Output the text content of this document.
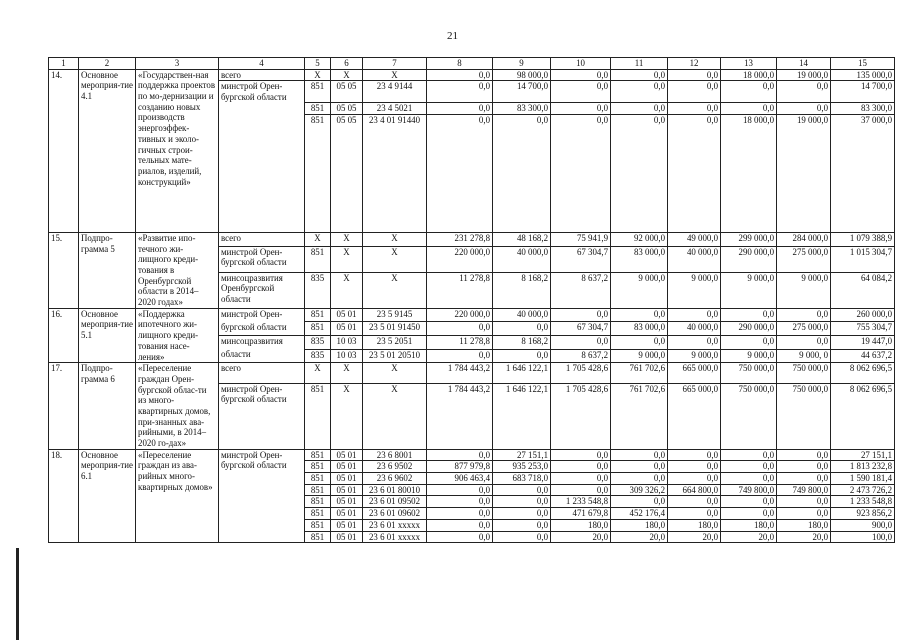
21
1	2	3	4	5	6	7	8	9	10	11	12	13	14	15
14.	Основное мероприя-тие 4.1	«Государствен-ная поддержка проектов по мо-дернизации и созданию новых производств энергоэффек-тивных и эколо-гичных строи-тельных мате-риалов, изделий, конструкций»	всего	X	X	X	0,0	98 000,0	0,0	0,0	0,0	18 000,0	19 000,0	135 000,0
			минстрой Орен-бургской области	851	05 05	23 4 9144	0,0	14 700,0	0,0	0,0	0,0	0,0	0,0	14 700,0
				851	05 05	23 4 5021	0,0	83 300,0	0,0	0,0	0,0	0,0	0,0	83 300,0
				851	05 05	23 4 01 91440	0,0	0,0	0,0	0,0	0,0	18 000,0	19 000,0	37 000,0
15.	Подпро-грамма 5	«Развитие ипо-течного жи-лищного креди-тования в Оренбургской области в 2014–2020 годах»	всего	X	X	X	231 278,8	48 168,2	75 941,9	92 000,0	49 000,0	299 000,0	284 000,0	1 079 388,9
			минстрой Орен-бургской области	851	X	X	220 000,0	40 000,0	67 304,7	83 000,0	40 000,0	290 000,0	275 000,0	1 015 304,7
			минсоцразвития Оренбургской области	835	X	X	11 278,8	8 168,2	8 637,2	9 000,0	9 000,0	9 000,0	9 000,0	64 084,2
16.	Основное мероприя-тие 5.1	«Поддержка ипотечного жи-лищного креди-тования насе-ления»	минстрой Орен-	851	05 01	23 5 9145	220 000,0	40 000,0	0,0	0,0	0,0	0,0	0,0	260 000,0
			бургской области	851	05 01	23 5 01 91450	0,0	0,0	67 304,7	83 000,0	40 000,0	290 000,0	275 000,0	755 304,7
			минсоцразвития	835	10 03	23 5 2051	11 278,8	8 168,2	0,0	0,0	0,0	0,0	0,0	19 447,0
			области	835	10 03	23 5 01 20510	0,0	0,0	8 637,2	9 000,0	9 000,0	9 000,0	9 000, 0	44 637,2
17.	Подпро-грамма 6	«Переселение граждан Орен-бургской облас-ти из много-квартирных домов, при-знанных ава-рийными, в 2014–2020 го-дах»	всего	X	X	X	1 784 443,2	1 646 122,1	1 705 428,6	761 702,6	665 000,0	750 000,0	750 000,0	8 062 696,5
			минстрой Орен-бургской области	851	X	X	1 784 443,2	1 646 122,1	1 705 428,6	761 702,6	665 000,0	750 000,0	750 000,0	8 062 696,5
18.	Основное мероприя-тие 6.1	«Переселение граждан из ава-рийных много-квартирных домов»	минстрой Орен-бургской области	851	05 01	23 6 8001	0,0	27 151,1	0,0	0,0	0,0	0,0	0,0	27 151,1
				851	05 01	23 6 9502	877 979,8	935 253,0	0,0	0,0	0,0	0,0	0,0	1 813 232,8
				851	05 01	23 6 9602	906 463,4	683 718,0	0,0	0,0	0,0	0,0	0,0	1 590 181,4
				851	05 01	23 6 01 80010	0,0	0,0	0,0	309 326,2	664 800,0	749 800,0	749 800,0	2 473 726,2
				851	05 01	23 6 01 09502	0,0	0,0	1 233 548,8	0,0	0,0	0,0	0,0	1 233 548,8
				851	05 01	23 6 01 09602	0,0	0,0	471 679,8	452 176,4	0,0	0,0	0,0	923 856,2
				851	05 01	23 6 01 xxxxx	0,0	0,0	180,0	180,0	180,0	180,0	180,0	900,0
				851	05 01	23 6 01 xxxxx	0,0	0,0	20,0	20,0	20,0	20,0	20,0	100,0
